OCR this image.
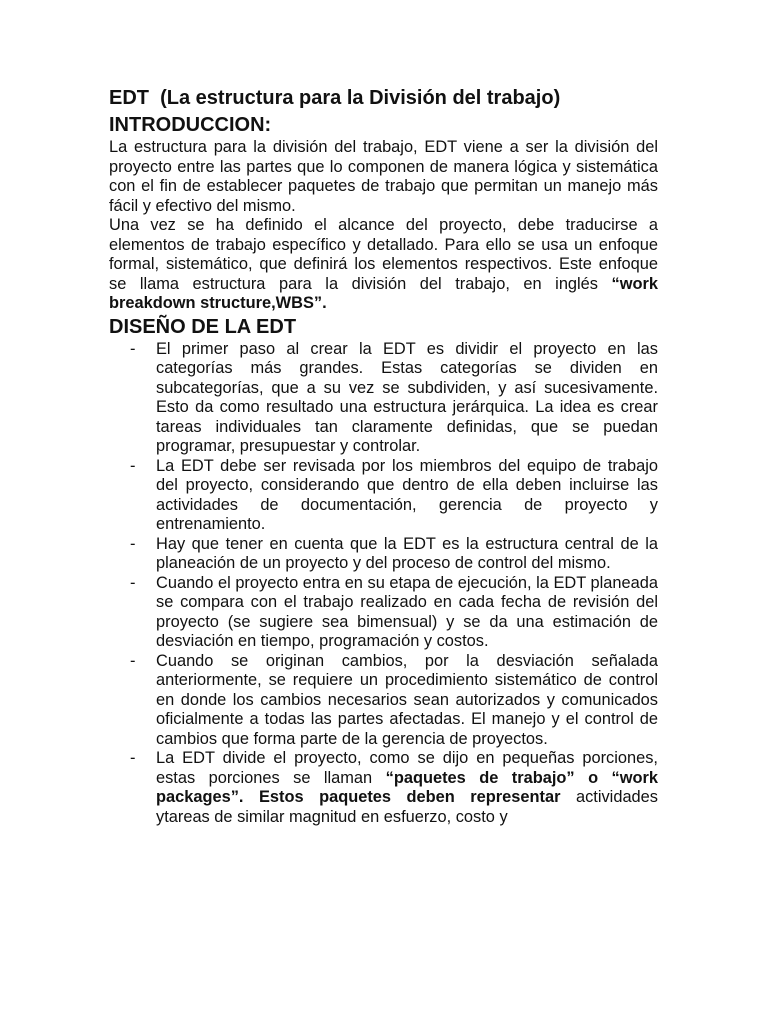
EDT (La estructura para la División del trabajo)
INTRODUCCION:

La estructura para la división del trabajo, EDT viene a ser la división del proyecto entre las partes que lo componen de manera lógica y sistemática con el fin de establecer paquetes de trabajo que permitan un manejo más fácil y efectivo del mismo.

Una vez se ha definido el alcance del proyecto, debe traducirse a elementos de trabajo específico y detallado. Para ello se usa un enfoque formal, sistemático, que definirá los elementos respectivos. Este enfoque se llama estructura para la división del trabajo, en inglés “work breakdown structure,WBS”.

DISEÑO DE LA EDT
- El primer paso al crear la EDT es dividir el proyecto en las categorías más grandes. Estas categorías se dividen en subcategorías, que a su vez se subdividen, y así sucesivamente. Esto da como resultado una estructura jerárquica. La idea es crear tareas individuales tan claramente definidas, que se puedan programar, presupuestar y controlar.
- La EDT debe ser revisada por los miembros del equipo de trabajo del proyecto, considerando que dentro de ella deben incluirse las actividades de documentación, gerencia de proyecto y entrenamiento.
- Hay que tener en cuenta que la EDT es la estructura central de la planeación de un proyecto y del proceso de control del mismo.
- Cuando el proyecto entra en su etapa de ejecución, la EDT planeada se compara con el trabajo realizado en cada fecha de revisión del proyecto (se sugiere sea bimensual) y se da una estimación de desviación en tiempo, programación y costos.
- Cuando se originan cambios, por la desviación señalada anteriormente, se requiere un procedimiento sistemático de control en donde los cambios necesarios sean autorizados y comunicados oficialmente a todas las partes afectadas. El manejo y el control de cambios que forma parte de la gerencia de proyectos.
- La EDT divide el proyecto, como se dijo en pequeñas porciones, estas porciones se llaman “paquetes de trabajo” o “work packages”. Estos paquetes deben representar actividades ytareas de similar magnitud en esfuerzo, costo y
